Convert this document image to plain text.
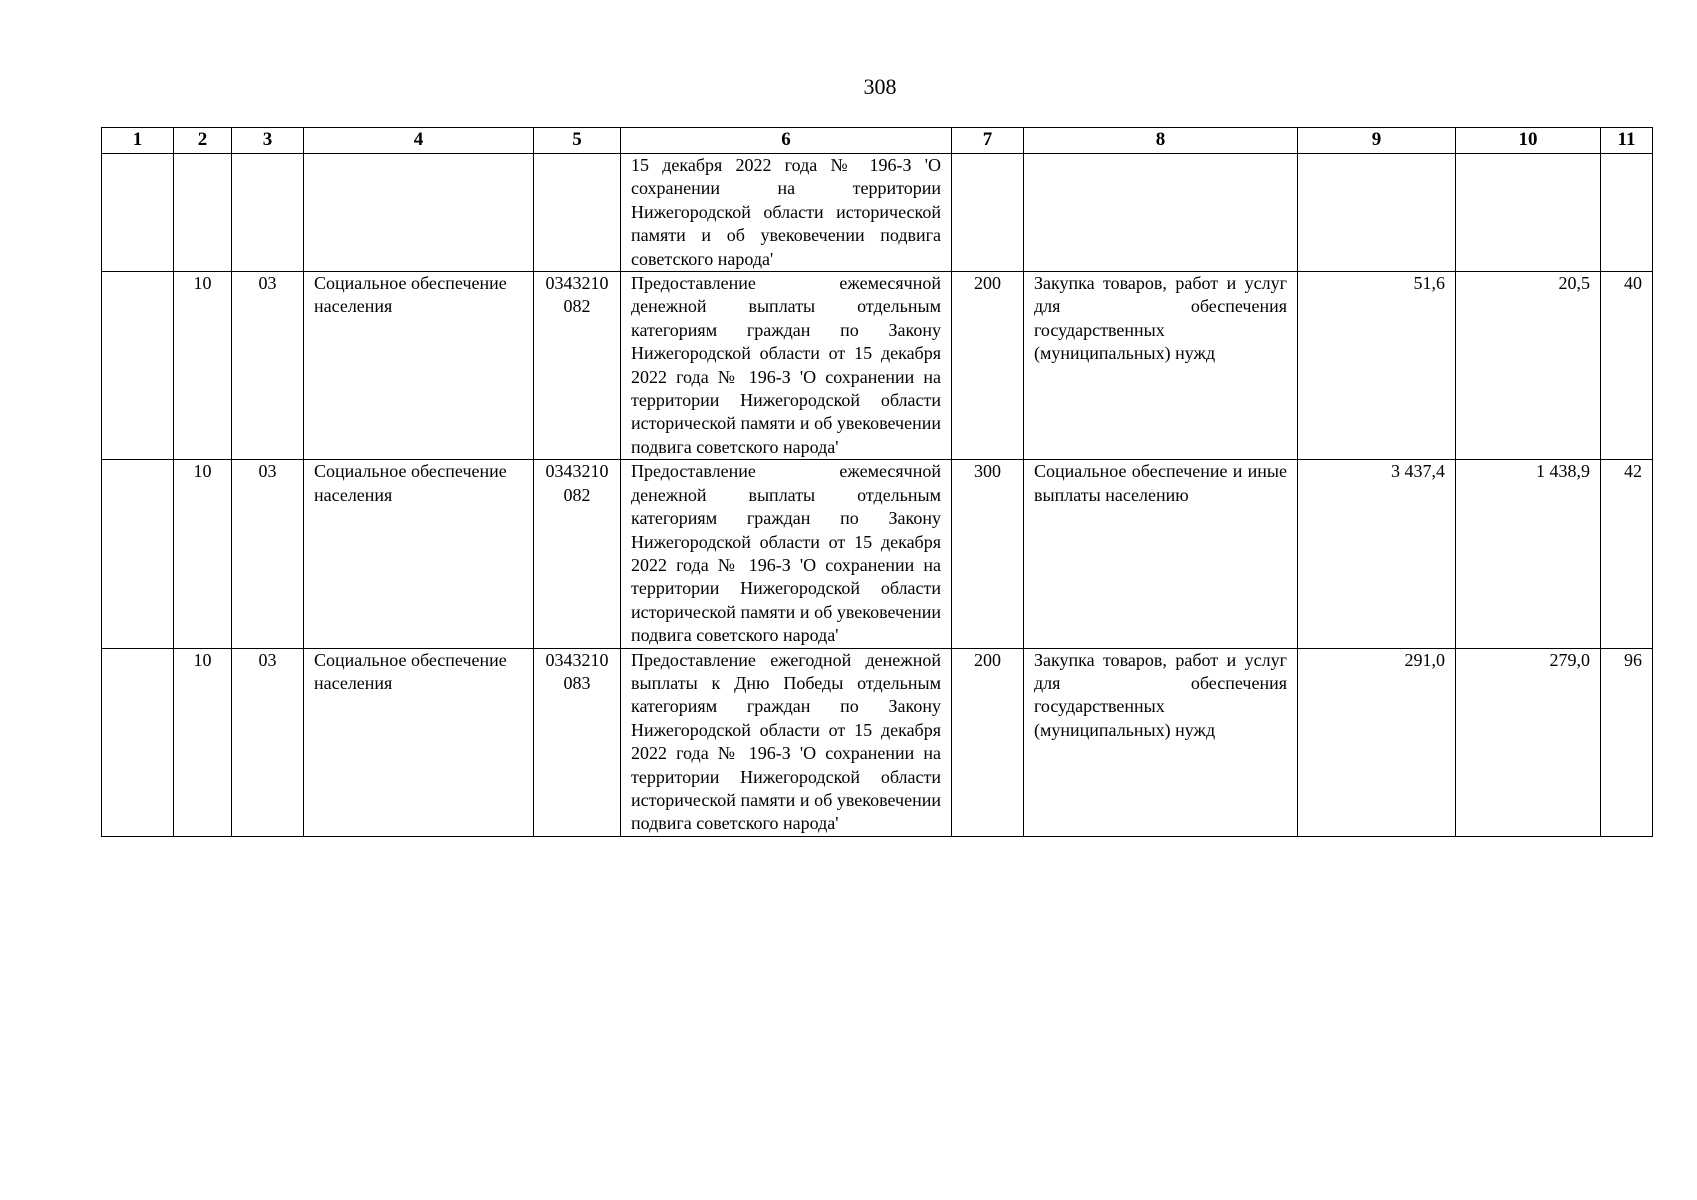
308
1	2	3	4	5	6	7	8	9	10	11
					15 декабря 2022 года № 196-З 'О сохранении на территории Нижегородской области исторической памяти и об увековечении подвига советского народа'					
	10	03	Социальное обеспечение населения	0343210082	Предоставление ежемесячной денежной выплаты отдельным категориям граждан по Закону Нижегородской области от 15 декабря 2022 года № 196-З 'О сохранении на территории Нижегородской области исторической памяти и об увековечении подвига советского народа'	200	Закупка товаров, работ и услуг для обеспечения государственных (муниципальных) нужд	51,6	20,5	40
	10	03	Социальное обеспечение населения	0343210082	Предоставление ежемесячной денежной выплаты отдельным категориям граждан по Закону Нижегородской области от 15 декабря 2022 года № 196-З 'О сохранении на территории Нижегородской области исторической памяти и об увековечении подвига советского народа'	300	Социальное обеспечение и иные выплаты населению	3 437,4	1 438,9	42
	10	03	Социальное обеспечение населения	0343210083	Предоставление ежегодной денежной выплаты к Дню Победы отдельным категориям граждан по Закону Нижегородской области от 15 декабря 2022 года № 196-З 'О сохранении на территории Нижегородской области исторической памяти и об увековечении подвига советского народа'	200	Закупка товаров, работ и услуг для обеспечения государственных (муниципальных) нужд	291,0	279,0	96
